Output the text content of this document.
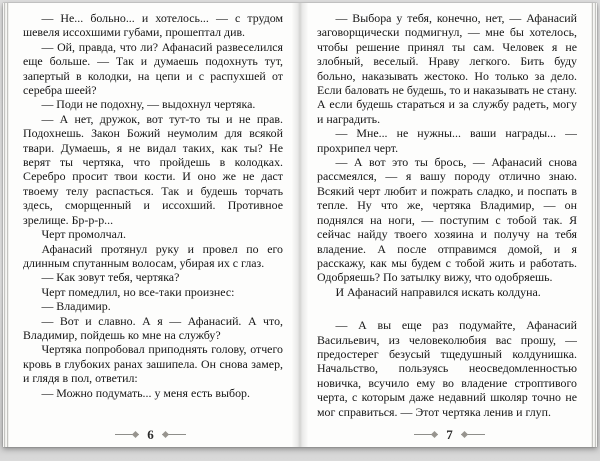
— Не... больно... и хотелось... — с трудом шевеля иссохшими губами, прошептал див.

— Ой, правда, что ли? Афанасий развеселился еще больше. — Так и думаешь подохнуть тут, запертый в колодки, на цепи и с распухшей от серебра шеей?

— Поди не подохну, — выдохнул чертяка.

— А нет, дружок, вот тут-то ты и не прав. Подохнешь. Закон Божий неумолим для всякой твари. Думаешь, я не видал таких, как ты? Не верят ты чертяка, что пройдешь в колодках. Серебро просит твои кости. И оно же не даст твоему телу распасться. Так и будешь торчать здесь, сморщенный и иссохший. Противное зрелище. Бр-р-р...

Черт промолчал.

Афанасий протянул руку и провел по его длинным спутанным волосам, убирая их с глаз.

— Как зовут тебя, чертяка?

Черт помедлил, но все-таки произнес:

— Владимир.

— Вот и славно. А я — Афанасий. А что, Владимир, пойдешь ко мне на службу?

Чертяка попробовал приподнять голову, отчего кровь в глубоких ранах зашипела. Он снова замер, и глядя в пол, ответил:

— Можно подумать... у меня есть выбор.

6

— Выбора у тебя, конечно, нет, — Афанасий заговорщически подмигнул, — мне бы хотелось, чтобы решение принял ты сам. Человек я не злобный, веселый. Нраву легкого. Бить буду больно, наказывать жестоко. Но только за дело. Если баловать не будешь, то и наказывать не стану. А если будешь стараться и за службу радеть, могу и наградить.

— Мне... не нужны... ваши награды... — прохрипел черт.

— А вот это ты брось, — Афанасий снова рассмеялся, — я вашу породу отлично знаю. Всякий черт любит и пожрать сладко, и поспать в тепле. Ну что же, чертяка Владимир, — он поднялся на ноги, — поступим с тобой так. Я сейчас найду твоего хозяина и получу на тебя владение. А после отправимся домой, и я расскажу, как мы будем с тобой жить и работать. Одобряешь? По затылку вижу, что одобряешь.

И Афанасий направился искать колдуна.

— А вы еще раз подумайте, Афанасий Васильевич, из человеколюбия вас прошу, — предостерег безусый тщедушный колдунишка. Начальство, пользуясь неосведомленностью новичка, всучило ему во владение строптивого черта, с которым даже недавний школяр точно не мог справиться. — Этот чертяка ленив и глуп.

7
